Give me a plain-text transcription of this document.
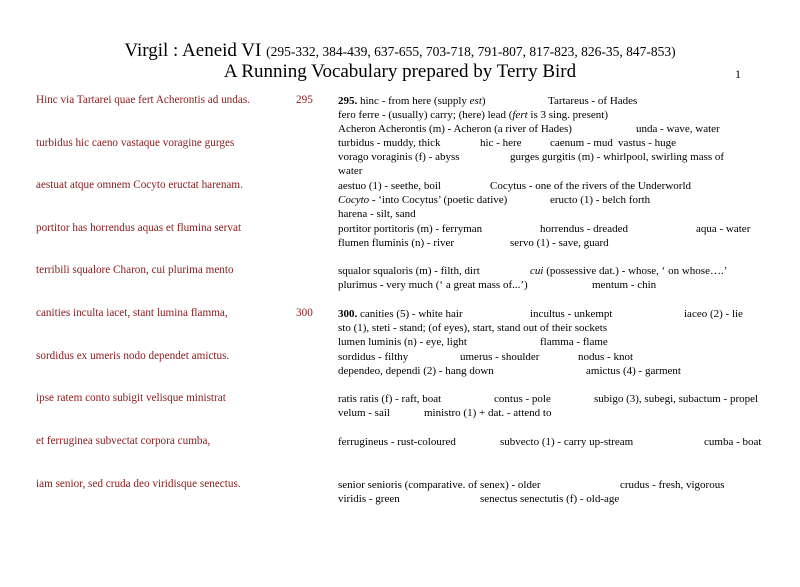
Virgil : Aeneid VI (295-332, 384-439, 637-655, 703-718, 791-807, 817-823, 826-35, 847-853)
A Running Vocabulary prepared by Terry Bird	1
Hinc via Tartarei quae fert Acherontis ad undas.	295
turbidus hic caeno vastaque voragine gurges
aestuat atque omnem Cocyto eructat harenam.
portitor has horrendus aquas et flumina servat
terribili squalore Charon, cui plurima mento
canities inculta iacet, stant lumina flamma,	300
sordidus ex umeris nodo dependet amictus.
ipse ratem conto subigit velisque ministrat
et ferruginea subvectat corpora cumba,
iam senior, sed cruda deo viridisque senectus.
295. hinc - from here (supply est)	Tartareus - of Hades
fero ferre - (usually) carry; (here) lead (fert is 3 sing. present)
Acheron Acherontis (m) - Acheron (a river of Hades)	unda - wave, water
turbidus - muddy, thick	hic - here	caenum - mud vastus - huge
vorago voraginis (f) - abyss	gurges gurgitis (m) - whirlpool, swirling mass of
water
aestuo (1) - seethe, boil	Cocytus - one of the rivers of the Underworld
Cocyto - ‘into Cocytus’ (poetic dative)	eructo (1) - belch forth
harena - silt, sand
portitor portitoris (m) - ferryman	horrendus - dreaded	aqua - water
flumen fluminis (n) - river	servo (1) - save, guard
squalor squaloris (m) - filth, dirt	cui (possessive dat.) - whose, ‘ on whose….’
plurimus - very much (‘ a great mass of...’)	mentum - chin
300. canities (5) - white hair	incultus - unkempt	iaceo (2) - lie
sto (1), steti - stand; (of eyes), start, stand out of their sockets
lumen luminis (n) - eye, light	flamma - flame
sordidus - filthy	umerus - shoulder	nodus - knot
dependeo, dependi (2) - hang down	amictus (4) - garment
ratis ratis (f) - raft, boat	contus - pole	subigo (3), subegi, subactum - propel
velum - sail	ministro (1) + dat. - attend to
ferrugineus - rust-coloured	subvecto (1) - carry up-stream	cumba - boat
senior senioris (comparative. of senex) - older	crudus - fresh, vigorous
viridis - green	senectus senectutis (f) - old-age
